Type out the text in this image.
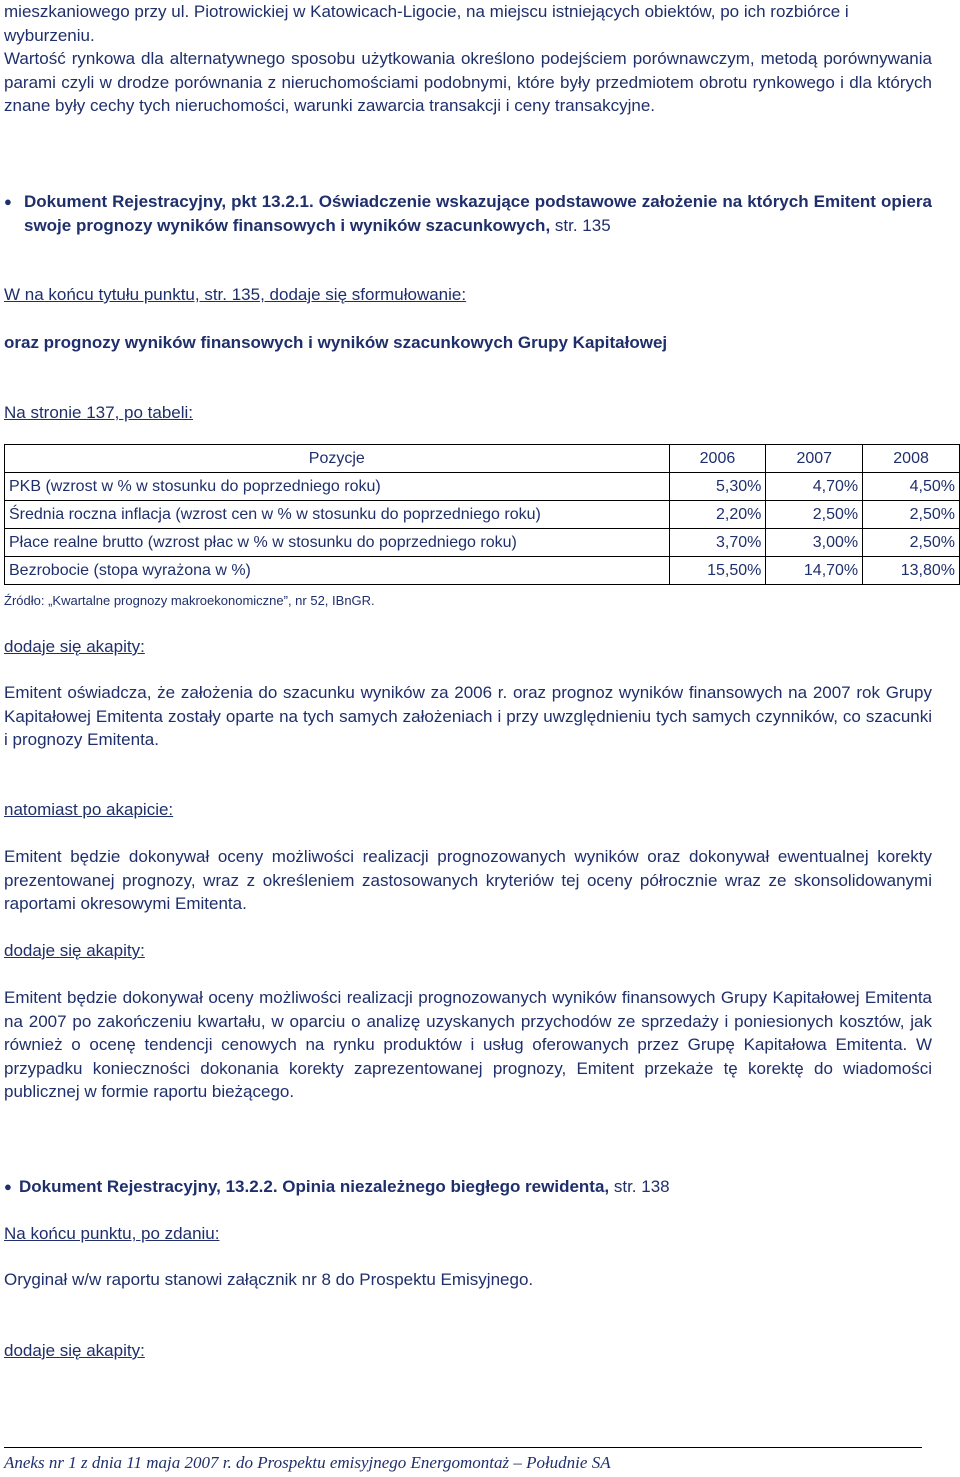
mieszkaniowego przy ul. Piotrowickiej w Katowicach-Ligocie, na miejscu istniejących obiektów, po ich rozbiórce i wyburzeniu.

Wartość rynkowa dla alternatywnego sposobu użytkowania określono podejściem porównawczym, metodą porównywania parami czyli w drodze porównania z nieruchomościami podobnymi, które były przedmiotem obrotu rynkowego i dla których znane były cechy tych nieruchomości, warunki zawarcia transakcji i ceny transakcyjne.

● Dokument Rejestracyjny, pkt 13.2.1. Oświadczenie wskazujące podstawowe założenie na których Emitent opiera swoje prognozy wyników finansowych i wyników szacunkowych, str. 135

W na końcu tytułu punktu, str. 135, dodaje się sformułowanie:

oraz prognozy wyników finansowych i wyników szacunkowych Grupy Kapitałowej

Na stronie 137, po tabeli:

Pozycje	2006	2007	2008
PKB (wzrost w % w stosunku do poprzedniego roku)	5,30%	4,70%	4,50%
Średnia roczna inflacja (wzrost cen w % w stosunku do poprzedniego roku)	2,20%	2,50%	2,50%
Płace realne brutto (wzrost płac w % w stosunku do poprzedniego roku)	3,70%	3,00%	2,50%
Bezrobocie (stopa wyrażona w %)	15,50%	14,70%	13,80%
Źródło: „Kwartalne prognozy makroekonomiczne”, nr 52, IBnGR.

dodaje się akapity:

Emitent oświadcza, że założenia do szacunku wyników za 2006 r. oraz prognoz wyników finansowych na 2007 rok Grupy Kapitałowej Emitenta zostały oparte na tych samych założeniach i przy uwzględnieniu tych samych czynników, co szacunki i prognozy Emitenta.

natomiast po akapicie:

Emitent będzie dokonywał oceny możliwości realizacji prognozowanych wyników oraz dokonywał ewentualnej korekty prezentowanej prognozy, wraz z określeniem zastosowanych kryteriów tej oceny półrocznie wraz ze skonsolidowanymi raportami okresowymi Emitenta.

dodaje się akapity:

Emitent będzie dokonywał oceny możliwości realizacji prognozowanych wyników finansowych Grupy Kapitałowej Emitenta na 2007 po zakończeniu kwartału, w oparciu o analizę uzyskanych przychodów ze sprzedaży i poniesionych kosztów, jak również o ocenę tendencji cenowych na rynku produktów i usług oferowanych przez Grupę Kapitałowa Emitenta. W przypadku konieczności dokonania korekty zaprezentowanej prognozy, Emitent przekaże tę korektę do wiadomości publicznej w formie raportu bieżącego.

● Dokument Rejestracyjny, 13.2.2. Opinia niezależnego biegłego rewidenta, str. 138

Na końcu punktu, po zdaniu:

Oryginał w/w raportu stanowi załącznik nr 8 do Prospektu Emisyjnego.

dodaje się akapity:

Aneks nr 1 z dnia 11 maja 2007 r. do Prospektu emisyjnego Energomontaż – Południe SA
